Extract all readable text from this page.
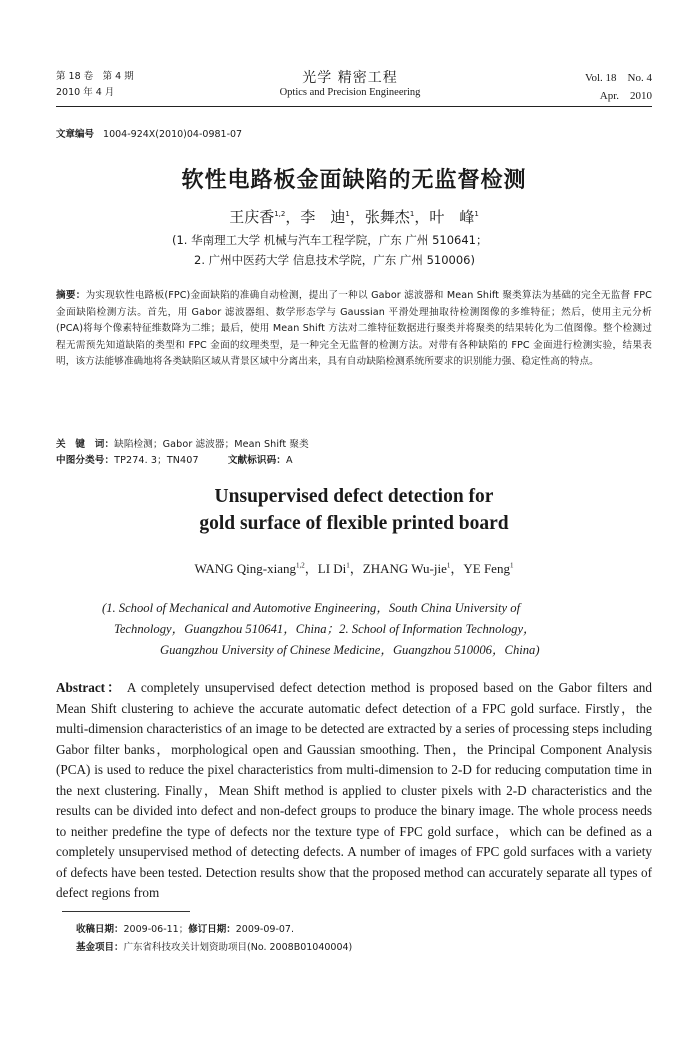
第 18 卷　第 4 期
2010 年 4 月
光学 精密工程
Optics and Precision Engineering
Vol. 18　No. 4
Apr.　2010
文章编号 1004-924X(2010)04-0981-07
软性电路板金面缺陷的无监督检测
王庆香$^{1,2}$，李　迪$^1$，张舞杰$^1$，叶　峰$^1$
(1. 华南理工大学 机械与汽车工程学院，广东 广州 510641；
2. 广州中医药大学 信息技术学院，广东 广州 510006)
摘要：为实现软性电路板(FPC)金面缺陷的准确自动检测，提出了一种以 Gabor 滤波器和 Mean Shift 聚类算法为基础的完全无监督 FPC 金面缺陷检测方法。首先，用 Gabor 滤波器组、数学形态学与 Gaussian 平滑处理抽取待检测图像的多维特征；然后，使用主元分析(PCA)将每个像素特征维数降为二维；最后，使用 Mean Shift 方法对二维特征数据进行聚类并将聚类的结果转化为二值图像。整个检测过程无需预先知道缺陷的类型和 FPC 金面的纹理类型，是一种完全无监督的检测方法。对带有各种缺陷的 FPC 金面进行检测实验，结果表明，该方法能够准确地将各类缺陷区域从背景区域中分离出来，具有自动缺陷检测系统所要求的识别能力强、稳定性高的特点。
关　键　词：缺陷检测；Gabor 滤波器；Mean Shift 聚类
中图分类号：TP274. 3；TN407	文献标识码：A
Unsupervised defect detection for
gold surface of flexible printed board
WANG Qing-xiang$^{1,2}$，LI Di$^1$，ZHANG Wu-jie$^1$，YE Feng$^1$
(1. School of Mechanical and Automotive Engineering，South China University of
Technology，Guangzhou 510641，China；2. School of Information Technology，
Guangzhou University of Chinese Medicine，Guangzhou 510006，China)
Abstract： A completely unsupervised defect detection method is proposed based on the Gabor filters and Mean Shift clustering to achieve the accurate automatic defect detection of a FPC gold surface. Firstly，the multi-dimension characteristics of an image to be detected are extracted by a series of processing steps including Gabor filter banks，morphological open and Gaussian smoothing. Then，the Principal Component Analysis (PCA) is used to reduce the pixel characteristics from multi-dimension to 2-D for reducing computation time in the next clustering. Finally，Mean Shift method is applied to cluster pixels with 2-D characteristics and the results can be divided into defect and non-defect groups to produce the binary image. The whole process needs to neither predefine the type of defects nor the texture type of FPC gold surface，which can be defined as a completely unsupervised method of detecting defects. A number of images of FPC gold surfaces with a variety of defects have been tested. Detection results show that the proposed method can accurately separate all types of defect regions from
收稿日期：2009-06-11；修订日期：2009-09-07.
基金项目：广东省科技攻关计划资助项目(No. 2008B01040004)
